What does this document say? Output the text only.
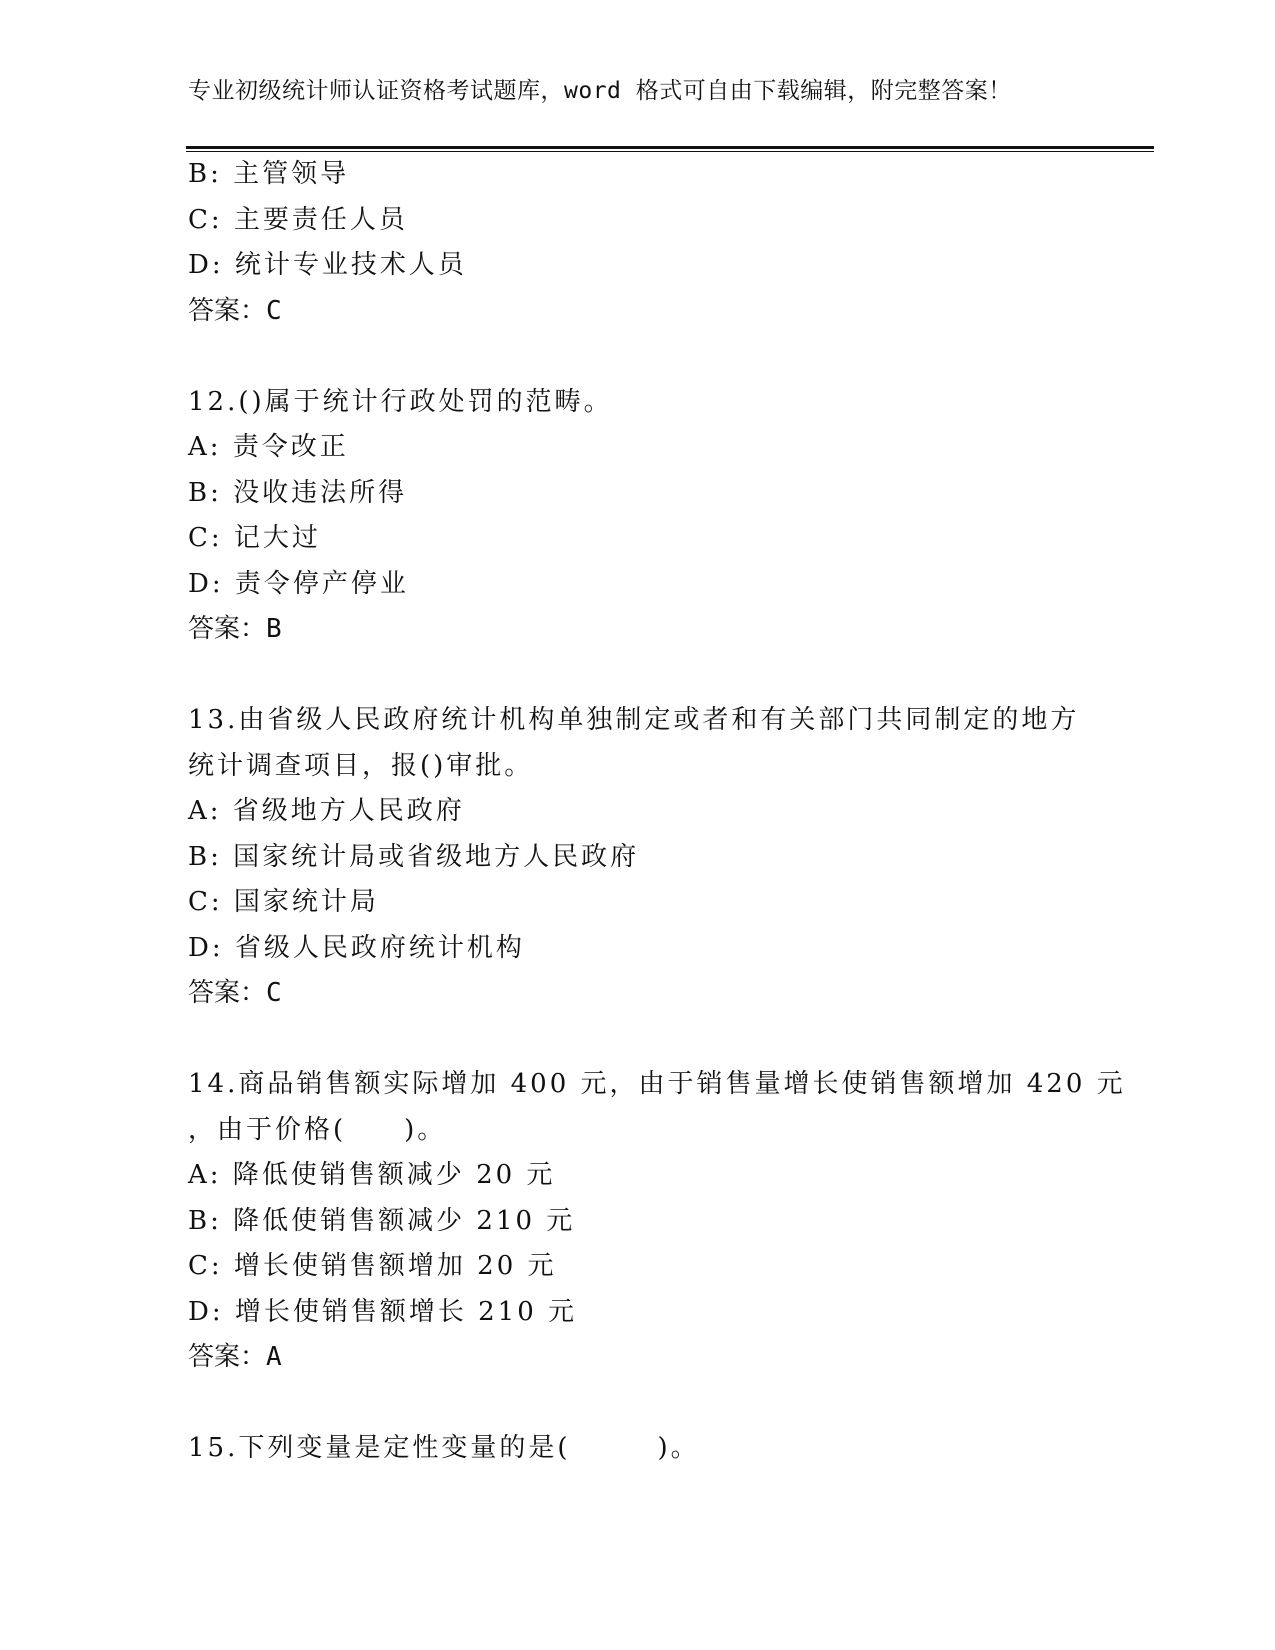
专业初级统计师认证资格考试题库，word 格式可自由下载编辑，附完整答案！
B: 主管领导
C: 主要责任人员
D: 统计专业技术人员
答案：C
12.()属于统计行政处罚的范畴。
A: 责令改正
B: 没收违法所得
C: 记大过
D: 责令停产停业
答案：B
13.由省级人民政府统计机构单独制定或者和有关部门共同制定的地方
统计调查项目，报()审批。
A: 省级地方人民政府
B: 国家统计局或省级地方人民政府
C: 国家统计局
D: 省级人民政府统计机构
答案：C
14.商品销售额实际增加 400 元，由于销售量增长使销售额增加 420 元
，由于价格(　　)。
A: 降低使销售额减少 20 元
B: 降低使销售额减少 210 元
C: 增长使销售额增加 20 元
D: 增长使销售额增长 210 元
答案：A
15.下列变量是定性变量的是(　　　)。
